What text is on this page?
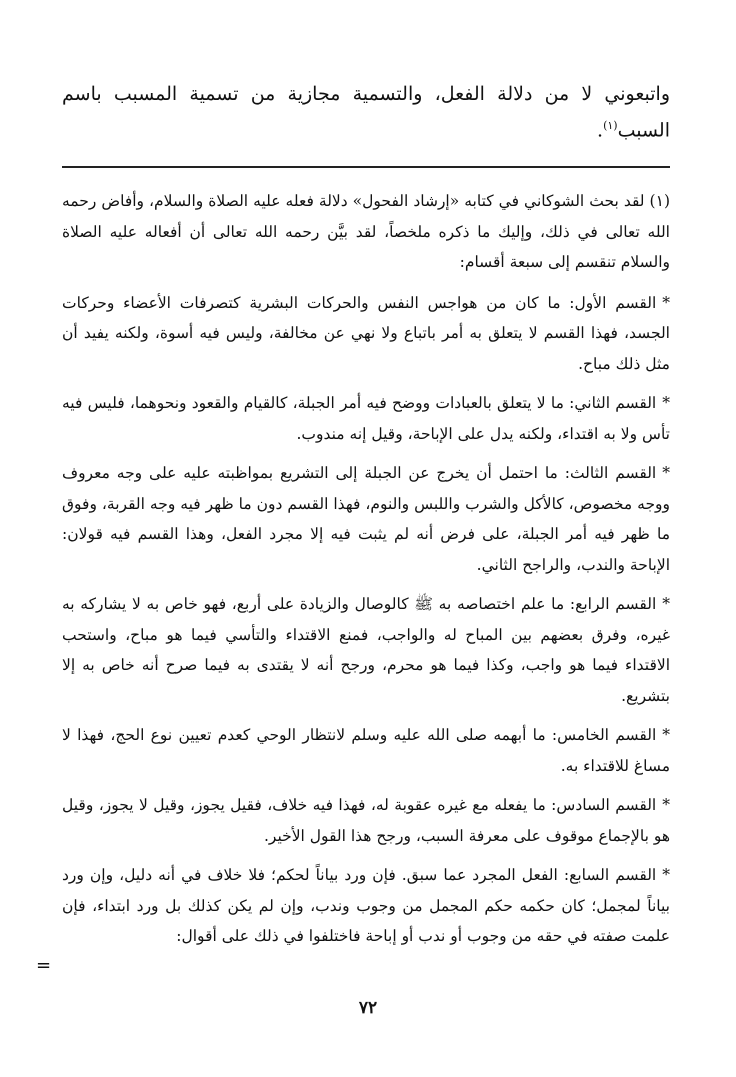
واتبعوني لا من دلالة الفعل، والتسمية مجازية من تسمية المسبب باسم السبب$^{(١)}$.

(١) لقد بحث الشوكاني في كتابه «إرشاد الفحول» دلالة فعله عليه الصلاة والسلام، وأفاض رحمه الله تعالى في ذلك، وإليك ما ذكره ملخصاً، لقد بيَّن رحمه الله تعالى أن أفعاله عليه الصلاة والسلام تنقسم إلى سبعة أقسام:

*القسم الأول: ما كان من هواجس النفس والحركات البشرية كتصرفات الأعضاء وحركات الجسد، فهذا القسم لا يتعلق به أمر باتباع ولا نهي عن مخالفة، وليس فيه أسوة، ولكنه يفيد أن مثل ذلك مباح.

*القسم الثاني: ما لا يتعلق بالعبادات ووضح فيه أمر الجبلة، كالقيام والقعود ونحوهما، فليس فيه تأس ولا به اقتداء، ولكنه يدل على الإباحة، وقيل إنه مندوب.

*القسم الثالث: ما احتمل أن يخرج عن الجبلة إلى التشريع بمواظبته عليه على وجه معروف ووجه مخصوص، كالأكل والشرب واللبس والنوم، فهذا القسم دون ما ظهر فيه وجه القربة، وفوق ما ظهر فيه أمر الجبلة، على فرض أنه لم يثبت فيه إلا مجرد الفعل، وهذا القسم فيه قولان: الإباحة والندب، والراجح الثاني.

*القسم الرابع: ما علم اختصاصه به ﷺ كالوصال والزيادة على أربع، فهو خاص به لا يشاركه به غيره، وفرق بعضهم بين المباح له والواجب، فمنع الاقتداء والتأسي فيما هو مباح، واستحب الاقتداء فيما هو واجب، وكذا فيما هو محرم، ورجح أنه لا يقتدى به فيما صرح أنه خاص به إلا بتشريع.

*القسم الخامس: ما أبهمه صلى الله عليه وسلم لانتظار الوحي كعدم تعيين نوع الحج، فهذا لا مساغ للاقتداء به.

*القسم السادس: ما يفعله مع غيره عقوبة له، فهذا فيه خلاف، فقيل يجوز، وقيل لا يجوز، وقيل هو بالإجماع موقوف على معرفة السبب، ورجح هذا القول الأخير.

*القسم السابع: الفعل المجرد عما سبق. فإن ورد بياناً لحكم؛ فلا خلاف في أنه دليل، وإن ورد بياناً لمجمل؛ كان حكمه حكم المجمل من وجوب وندب، وإن لم يكن كذلك بل ورد ابتداء، فإن علمت صفته في حقه من وجوب أو ندب أو إباحة فاختلفوا في ذلك على أقوال:

=
٧٢
